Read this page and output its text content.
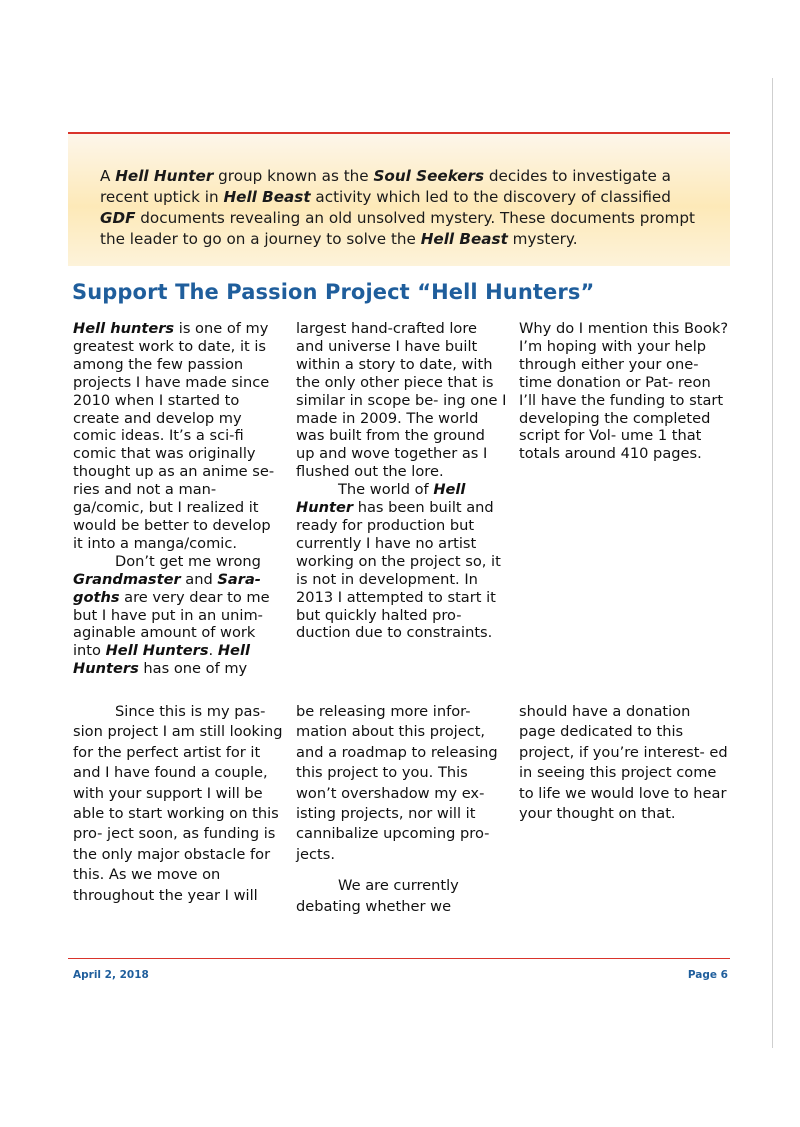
A Hell Hunter group known as the Soul Seekers decides to investigate a recent uptick in Hell Beast activity which led to the discovery of classified GDF documents revealing an old unsolved mystery. These documents prompt the leader to go on a journey to solve the Hell Beast mystery.
Support The Passion Project “Hell Hunters”

Hell hunters is one of my greatest work to date, it is among the few passion projects I have made since 2010 when I started to create and develop my comic ideas. It’s a sci-fi comic that was originally thought up as an anime se- ries and not a man- ga/comic, but I realized it would be better to develop it into a manga/comic.

Don’t get me wrong Grandmaster and Sara- goths are very dear to me but I have put in an unim- aginable amount of work into Hell Hunters. Hell Hunters has one of my

largest hand-crafted lore and universe I have built within a story to date, with the only other piece that is similar in scope be- ing one I made in 2009. The world was built from the ground up and wove together as I flushed out the lore.

The world of Hell Hunter has been built and ready for production but currently I have no artist working on the project so, it is not in development. In 2013 I attempted to start it but quickly halted pro- duction due to constraints.

Why do I mention this Book? I’m hoping with your help through either your one-time donation or Pat- reon I’ll have the funding to start developing the completed script for Vol- ume 1 that totals around 410 pages.

Since this is my pas- sion project I am still looking for the perfect artist for it and I have found a couple, with your support I will be able to start working on this pro- ject soon, as funding is the only major obstacle for this. As we move on throughout the year I will

be releasing more infor- mation about this project, and a roadmap to releasing this project to you. This won’t overshadow my ex- isting projects, nor will it cannibalize upcoming pro- jects.

We are currently debating whether we

should have a donation page dedicated to this project, if you’re interest- ed in seeing this project come to life we would love to hear your thought on that.

April 2, 2018	Page 6
